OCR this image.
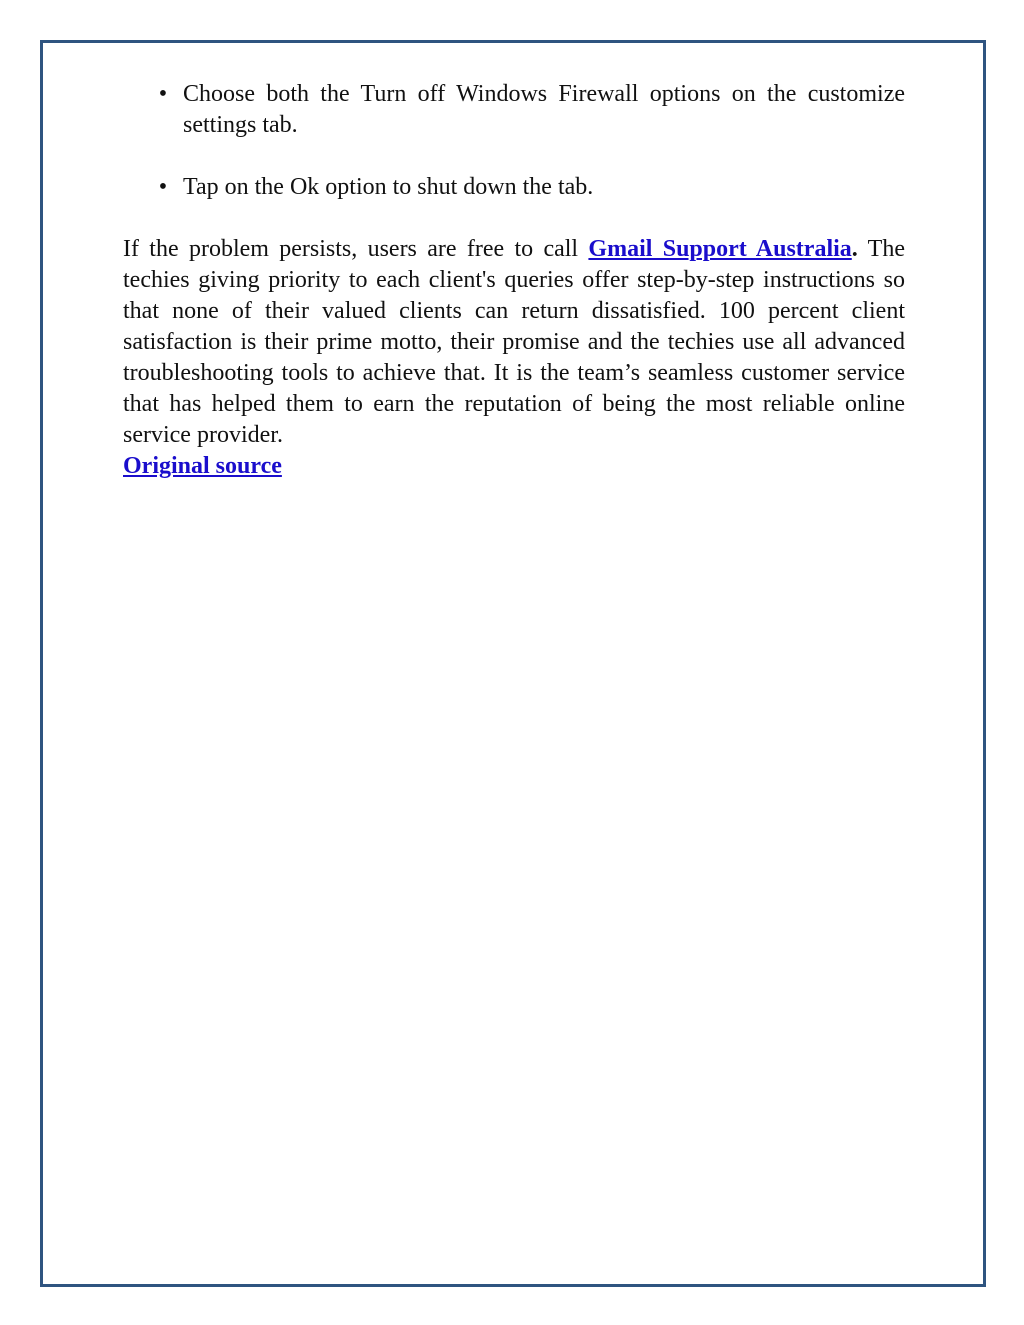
• Choose both the Turn off Windows Firewall options on the customize settings tab.
• Tap on the Ok option to shut down the tab.

If the problem persists, users are free to call Gmail Support Australia. The techies giving priority to each client's queries offer step-by-step instructions so that none of their valued clients can return dissatisfied. 100 percent client satisfaction is their prime motto, their promise and the techies use all advanced troubleshooting tools to achieve that. It is the team’s seamless customer service that has helped them to earn the reputation of being the most reliable online service provider.

Original source
